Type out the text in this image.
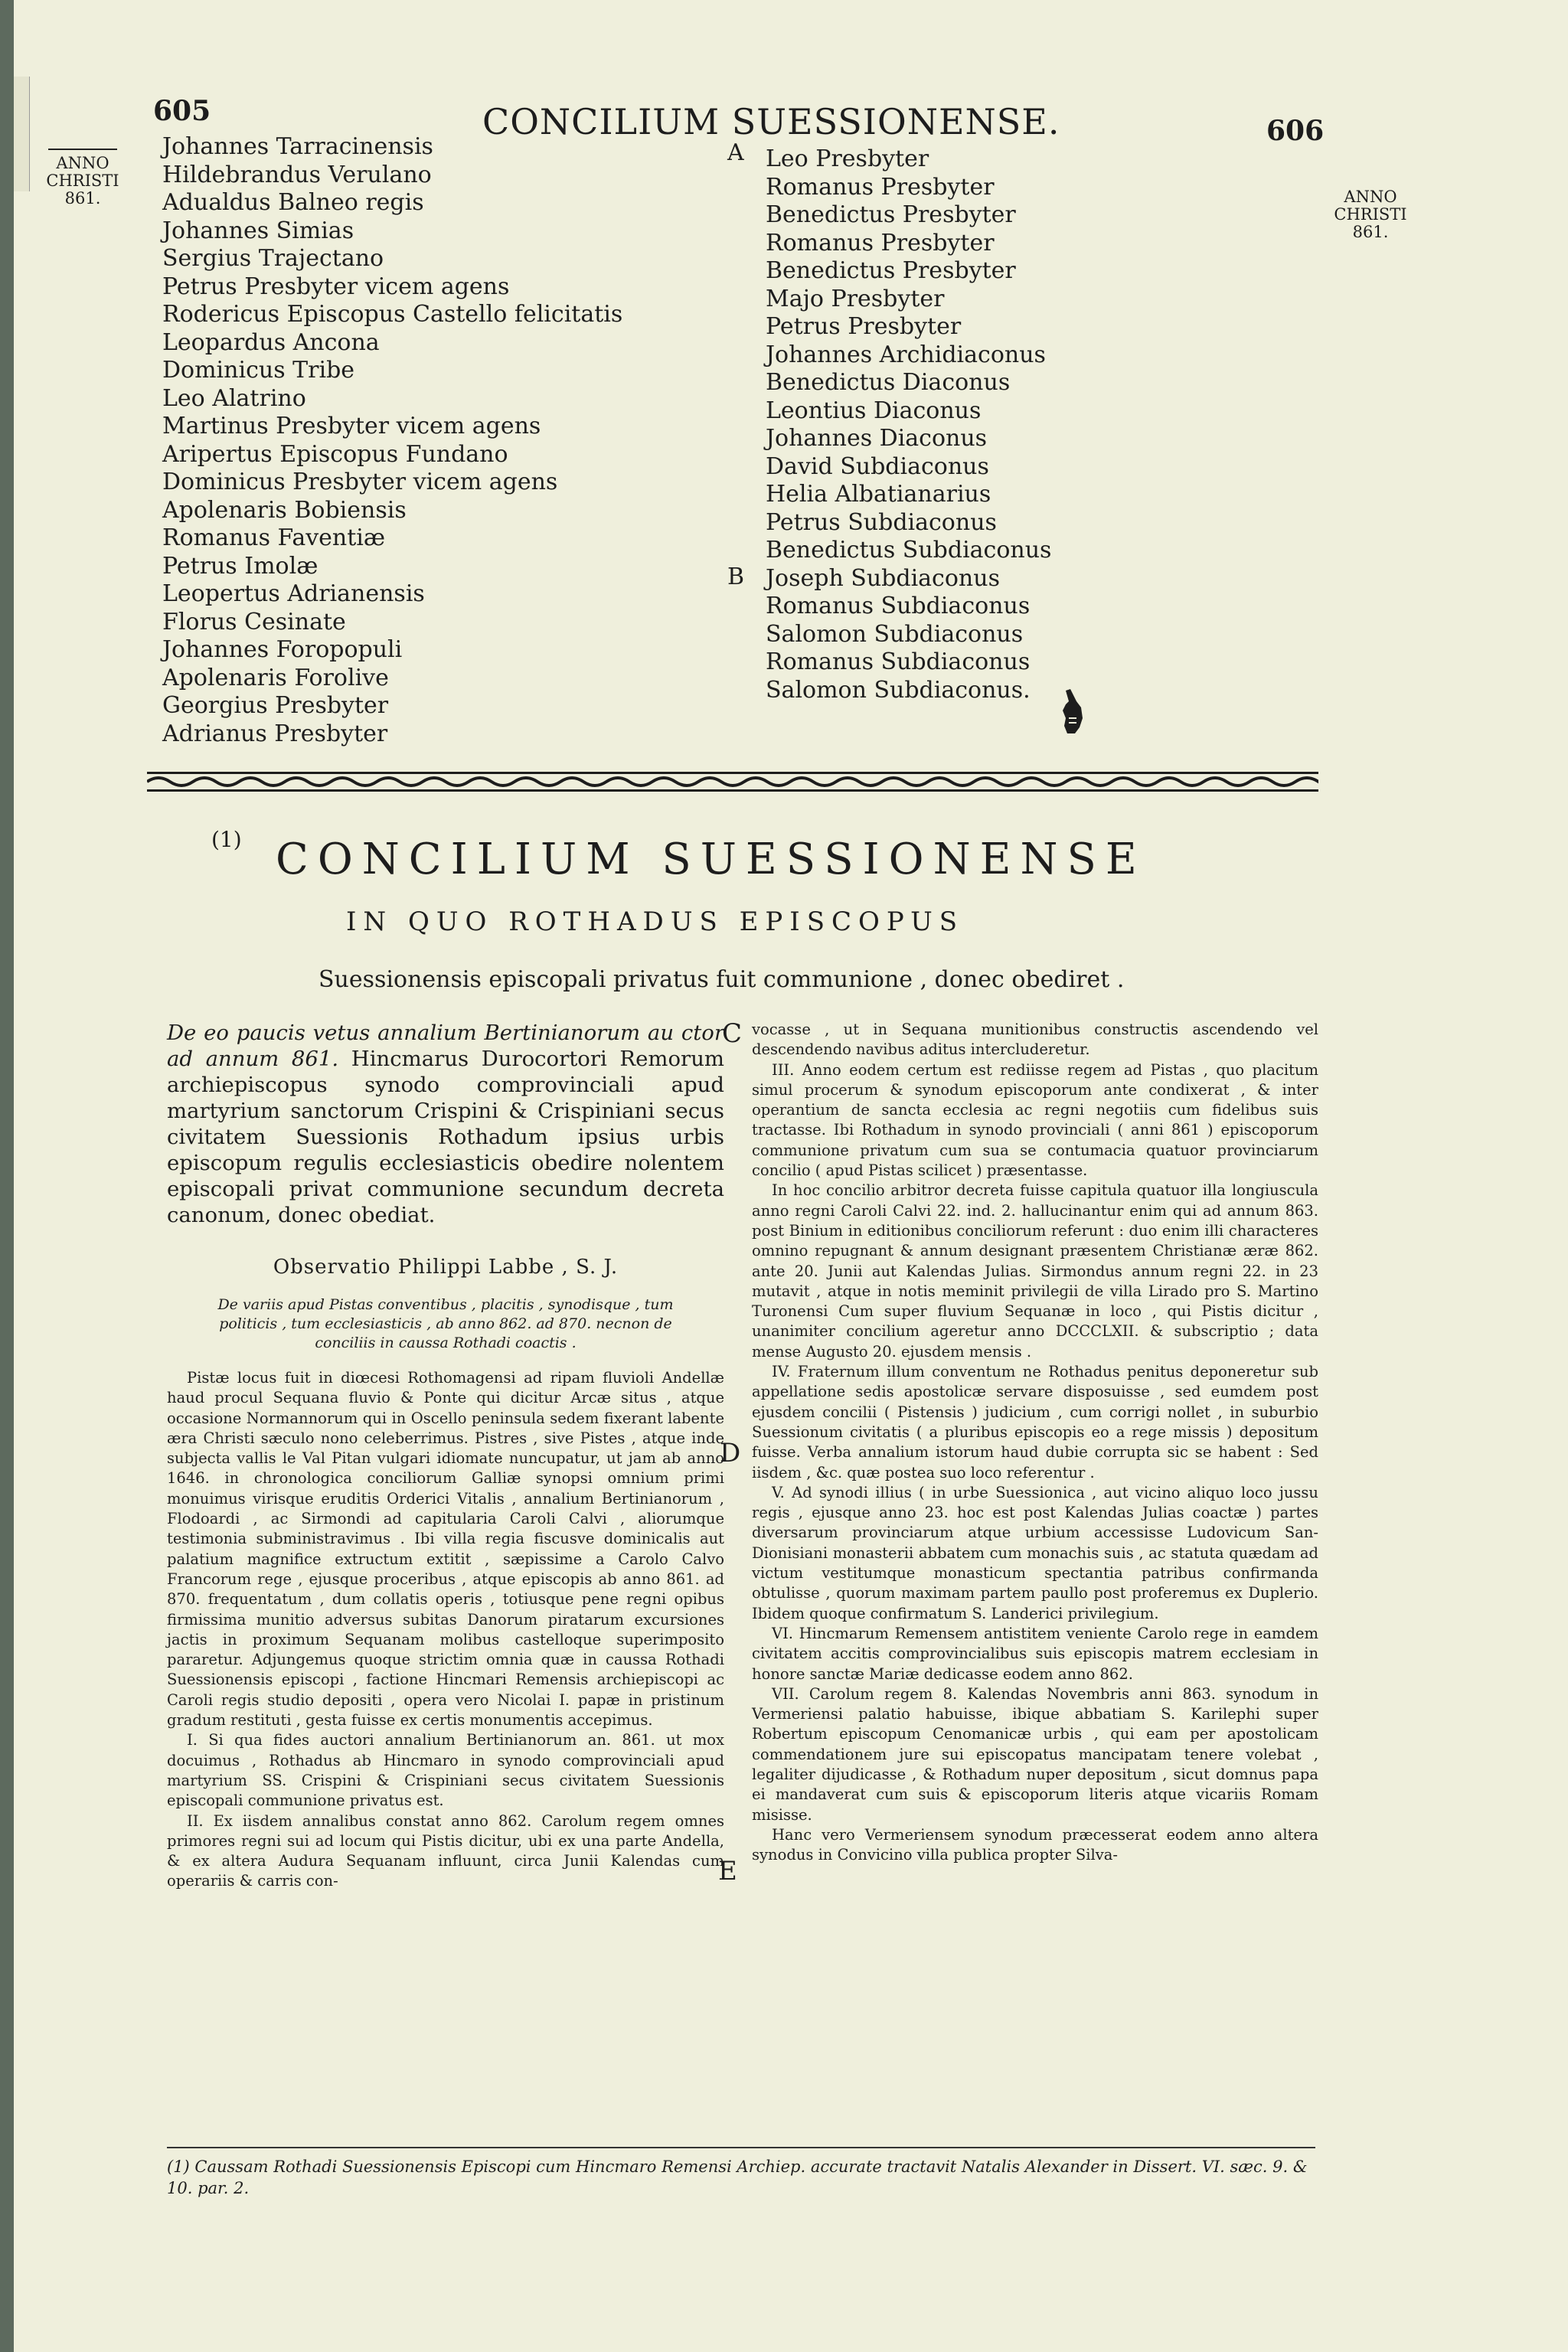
605	CONCILIUM SUESSIONENSE.	606
ANNO
CHRISTI
861.	ANNO
CHRISTI
861.
Johannes Tarracinensis
Hildebrandus Verulano
Adualdus Balneo regis
Johannes Simias
Sergius Trajectano
Petrus Presbyter vicem agens
Rodericus Episcopus Castello felicitatis
Leopardus Ancona
Dominicus Tribe
Leo Alatrino
Martinus Presbyter vicem agens
Aripertus Episcopus Fundano
Dominicus Presbyter vicem agens
Apolenaris Bobiensis
Romanus Faventiæ
Petrus Imolæ
Leopertus Adrianensis
Florus Cesinate
Johannes Foropopuli
Apolenaris Forolive
Georgius Presbyter
Adrianus Presbyter
A Leo Presbyter
Romanus Presbyter
Benedictus Presbyter
Romanus Presbyter
Benedictus Presbyter
Majo Presbyter
Petrus Presbyter
Johannes Archidiaconus
Benedictus Diaconus
Leontius Diaconus
Johannes Diaconus
David Subdiaconus
Helia Albatianarius
Petrus Subdiaconus
Benedictus Subdiaconus
Joseph Subdiaconus
Romanus Subdiaconus
Salomon Subdiaconus
Romanus Subdiaconus
Salomon Subdiaconus.
B
(1) CONCILIUM SUESSIONENSE
IN QUO ROTHADUS EPISCOPUS
Suessionensis episcopali privatus fuit communione , donec obediret .
De eo paucis vetus annalium Bertinianorum au ctor ad annum 861. Hincmarus Durocortori Remorum archiepiscopus synodo comprovinciali apud martyrium sanctorum Crispini & Crispiniani secus civitatem Suessionis Rothadum ipsius urbis episcopum regulis ecclesiasticis obedire nolentem episcopali privat communione secundum decreta canonum, donec obediat.
Observatio Philippi Labbe , S. J.
De variis apud Pistas conventibus , placitis , synodisque , tum politicis , tum ecclesiasticis , ab anno 862. ad 870. necnon de conciliis in caussa Rothadi coactis .

Pistæ locus fuit in diœcesi Rothomagensi ad ripam fluvioli Andellæ haud procul Sequana fluvio & Ponte qui dicitur Arcæ situs , atque occasione Normannorum qui in Oscello peninsula sedem fixerant labente æra Christi sæculo nono celeberrimus. Pistres , sive Pistes , atque inde subjecta vallis le Val Pitan vulgari idiomate nuncupatur, ut jam ab anno 1646. in chronologica conciliorum Galliæ synopsi omnium primi monuimus virisque eruditis Orderici Vitalis , annalium Bertinianorum , Flodoardi , ac Sirmondi ad capitularia Caroli Calvi , aliorumque testimonia subministravimus . Ibi villa regia fiscusve dominicalis aut palatium magnifice extructum extitit , sæpissime a Carolo Calvo Francorum rege , ejusque proceribus , atque episcopis ab anno 861. ad 870. frequentatum , dum collatis operis , totiusque pene regni opibus firmissima munitio adversus subitas Danorum piratarum excursiones jactis in proximum Sequanam molibus castelloque superimposito pararetur. Adjungemus quoque strictim omnia quæ in caussa Rothadi Suessionensis episcopi , factione Hincmari Remensis archiepiscopi ac Caroli regis studio depositi , opera vero Nicolai I. papæ in pristinum gradum restituti , gesta fuisse ex certis monumentis accepimus.

I. Si qua fides auctori annalium Bertinianorum an. 861. ut mox docuimus , Rothadus ab Hincmaro in synodo comprovinciali apud martyrium SS. Crispini & Crispiniani secus civitatem Suessionis episcopali communione privatus est.

II. Ex iisdem annalibus constat anno 862. Carolum regem omnes primores regni sui ad locum qui Pistis dicitur, ubi ex una parte Andella, & ex altera Audura Sequanam influunt, circa Junii Kalendas cum operariis & carris con-

C
D
E

vocasse , ut in Sequana munitionibus constructis ascendendo vel descendendo navibus aditus intercluderetur.

III. Anno eodem certum est rediisse regem ad Pistas , quo placitum simul procerum & synodum episcoporum ante condixerat , & inter operantium de sancta ecclesia ac regni negotiis cum fidelibus suis tractasse. Ibi Rothadum in synodo provinciali ( anni 861 ) episcoporum communione privatum cum sua se contumacia quatuor provinciarum concilio ( apud Pistas scilicet ) præsentasse.

In hoc concilio arbitror decreta fuisse capitula quatuor illa longiuscula anno regni Caroli Calvi 22. ind. 2. hallucinantur enim qui ad annum 863. post Binium in editionibus conciliorum referunt : duo enim illi characteres omnino repugnant & annum designant præsentem Christianæ æræ 862. ante 20. Junii aut Kalendas Julias. Sirmondus annum regni 22. in 23 mutavit , atque in notis meminit privilegii de villa Lirado pro S. Martino Turonensi Cum super fluvium Sequanæ in loco , qui Pistis dicitur , unanimiter concilium ageretur anno DCCCLXII. & subscriptio ; data mense Augusto 20. ejusdem mensis .

IV. Fraternum illum conventum ne Rothadus penitus deponeretur sub appellatione sedis apostolicæ servare disposuisse , sed eumdem post ejusdem concilii ( Pistensis ) judicium , cum corrigi nollet , in suburbio Suessionum civitatis ( a pluribus episcopis eo a rege missis ) depositum fuisse. Verba annalium istorum haud dubie corrupta sic se habent : Sed iisdem , &c. quæ postea suo loco referentur .

V. Ad synodi illius ( in urbe Suessionica , aut vicino aliquo loco jussu regis , ejusque anno 23. hoc est post Kalendas Julias coactæ ) partes diversarum provinciarum atque urbium accessisse Ludovicum San-Dionisiani monasterii abbatem cum monachis suis , ac statuta quædam ad victum vestitumque monasticum spectantia patribus confirmanda obtulisse , quorum maximam partem paullo post proferemus ex Duplerio. Ibidem quoque confirmatum S. Landerici privilegium.

VI. Hincmarum Remensem antistitem veniente Carolo rege in eamdem civitatem accitis comprovincialibus suis episcopis matrem ecclesiam in honore sanctæ Mariæ dedicasse eodem anno 862.

VII. Carolum regem 8. Kalendas Novembris anni 863. synodum in Vermeriensi palatio habuisse, ibique abbatiam S. Karilephi super Robertum episcopum Cenomanicæ urbis , qui eam per apostolicam commendationem jure sui episcopatus mancipatam tenere volebat , legaliter dijudicasse , & Rothadum nuper depositum , sicut domnus papa ei mandaverat cum suis & episcoporum literis atque vicariis Romam misisse.

Hanc vero Vermeriensem synodum præcesserat eodem anno altera synodus in Convicino villa publica propter Silva-

(1) Caussam Rothadi Suessionensis Episcopi cum Hincmaro Remensi Archiep. accurate tractavit Natalis Alexander in Dissert. VI. sæc. 9. & 10. par. 2.
